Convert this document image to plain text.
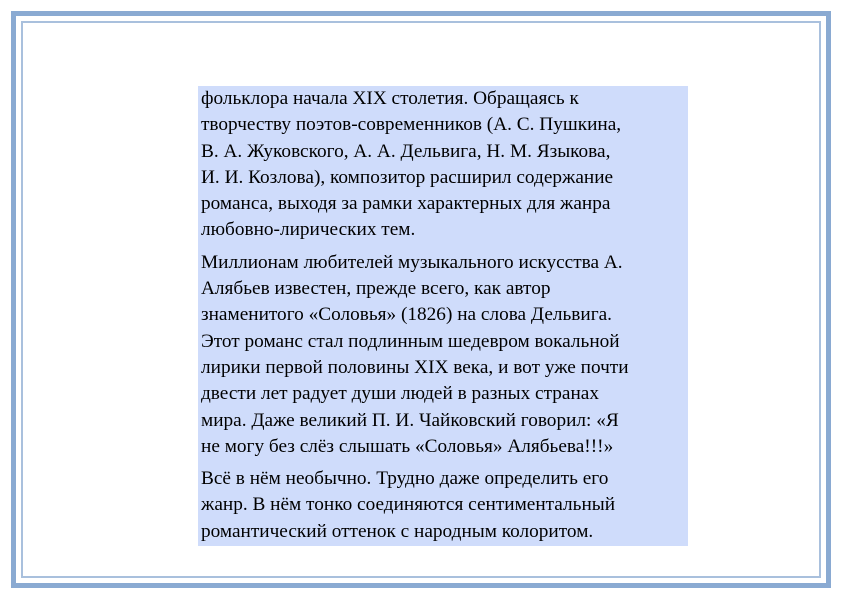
фольклора начала XIX столетия. Обращаясь к
творчеству поэтов-современников (А. С. Пушкина,
В. А. Жуковского, А. А. Дельвига, Н. М. Языкова,
И. И. Козлова), композитор расширил содержание
романса, выходя за рамки характерных для жанра
любовно-лирических тем.

Миллионам любителей музыкального искусства А.
Алябьев известен, прежде всего, как автор
знаменитого «Соловья» (1826) на слова Дельвига.
Этот романс стал подлинным шедевром вокальной
лирики первой половины XIX века, и вот уже почти
двести лет радует души людей в разных странах
мира. Даже великий П. И. Чайковский говорил: «Я
не могу без слёз слышать «Соловья» Алябьева!!!»

Всё в нём необычно. Трудно даже определить его
жанр. В нём тонко соединяются сентиментальный
романтический оттенок с народным колоритом.
